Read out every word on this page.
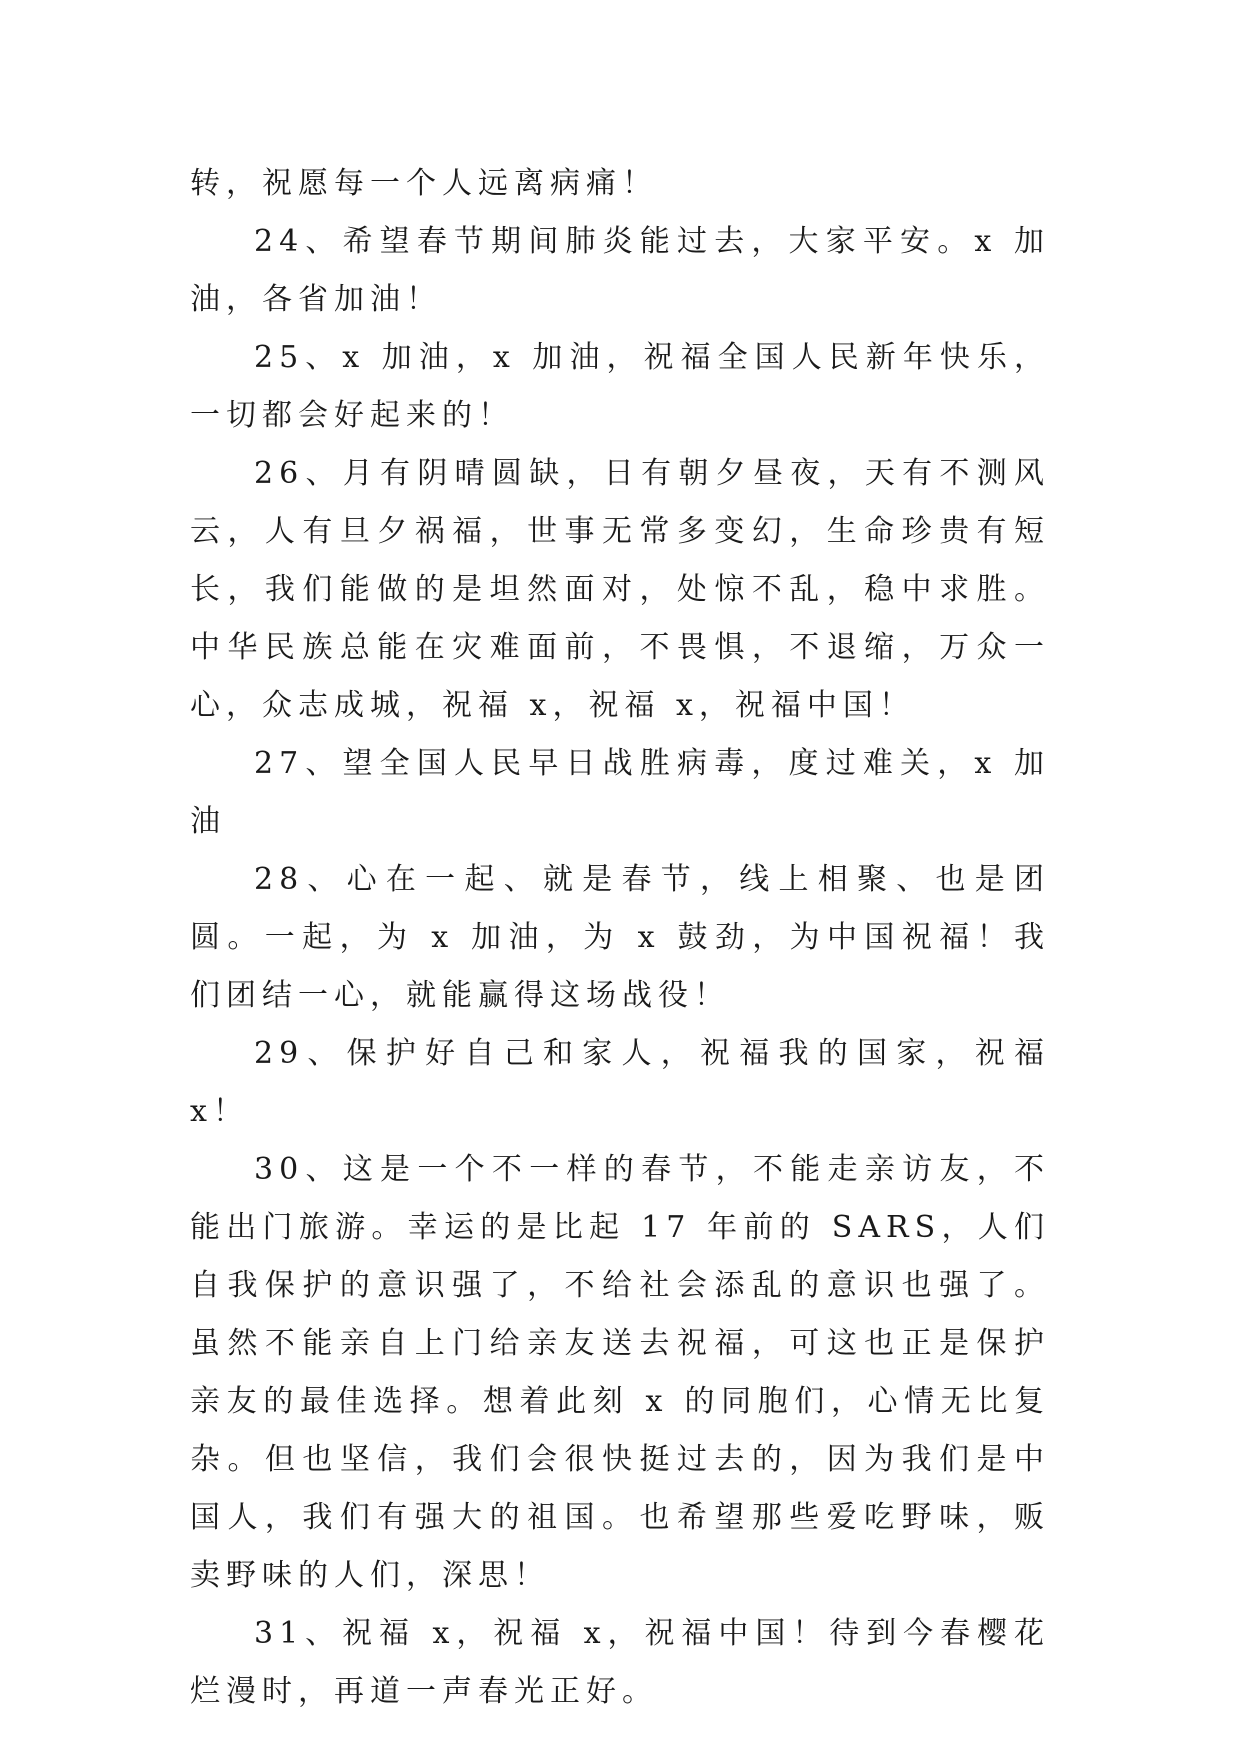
转，祝愿每一个人远离病痛！

24、希望春节期间肺炎能过去，大家平安。x 加油，各省加油！

25、x 加油，x 加油，祝福全国人民新年快乐，一切都会好起来的！

26、月有阴晴圆缺，日有朝夕昼夜，天有不测风云，人有旦夕祸福，世事无常多变幻，生命珍贵有短长，我们能做的是坦然面对，处惊不乱，稳中求胜。中华民族总能在灾难面前，不畏惧，不退缩，万众一心，众志成城，祝福 x，祝福 x，祝福中国！

27、望全国人民早日战胜病毒，度过难关，x 加油

28、心在一起、就是春节，线上相聚、也是团圆。一起，为 x 加油，为 x 鼓劲，为中国祝福！我们团结一心，就能赢得这场战役！

29、保护好自己和家人，祝福我的国家，祝福 x！

30、这是一个不一样的春节，不能走亲访友，不能出门旅游。幸运的是比起 17 年前的 SARS，人们自我保护的意识强了，不给社会添乱的意识也强了。虽然不能亲自上门给亲友送去祝福，可这也正是保护亲友的最佳选择。想着此刻 x 的同胞们，心情无比复杂。但也坚信，我们会很快挺过去的，因为我们是中国人，我们有强大的祖国。也希望那些爱吃野味，贩卖野味的人们，深思！

31、祝福 x，祝福 x，祝福中国！待到今春樱花烂漫时，再道一声春光正好。
